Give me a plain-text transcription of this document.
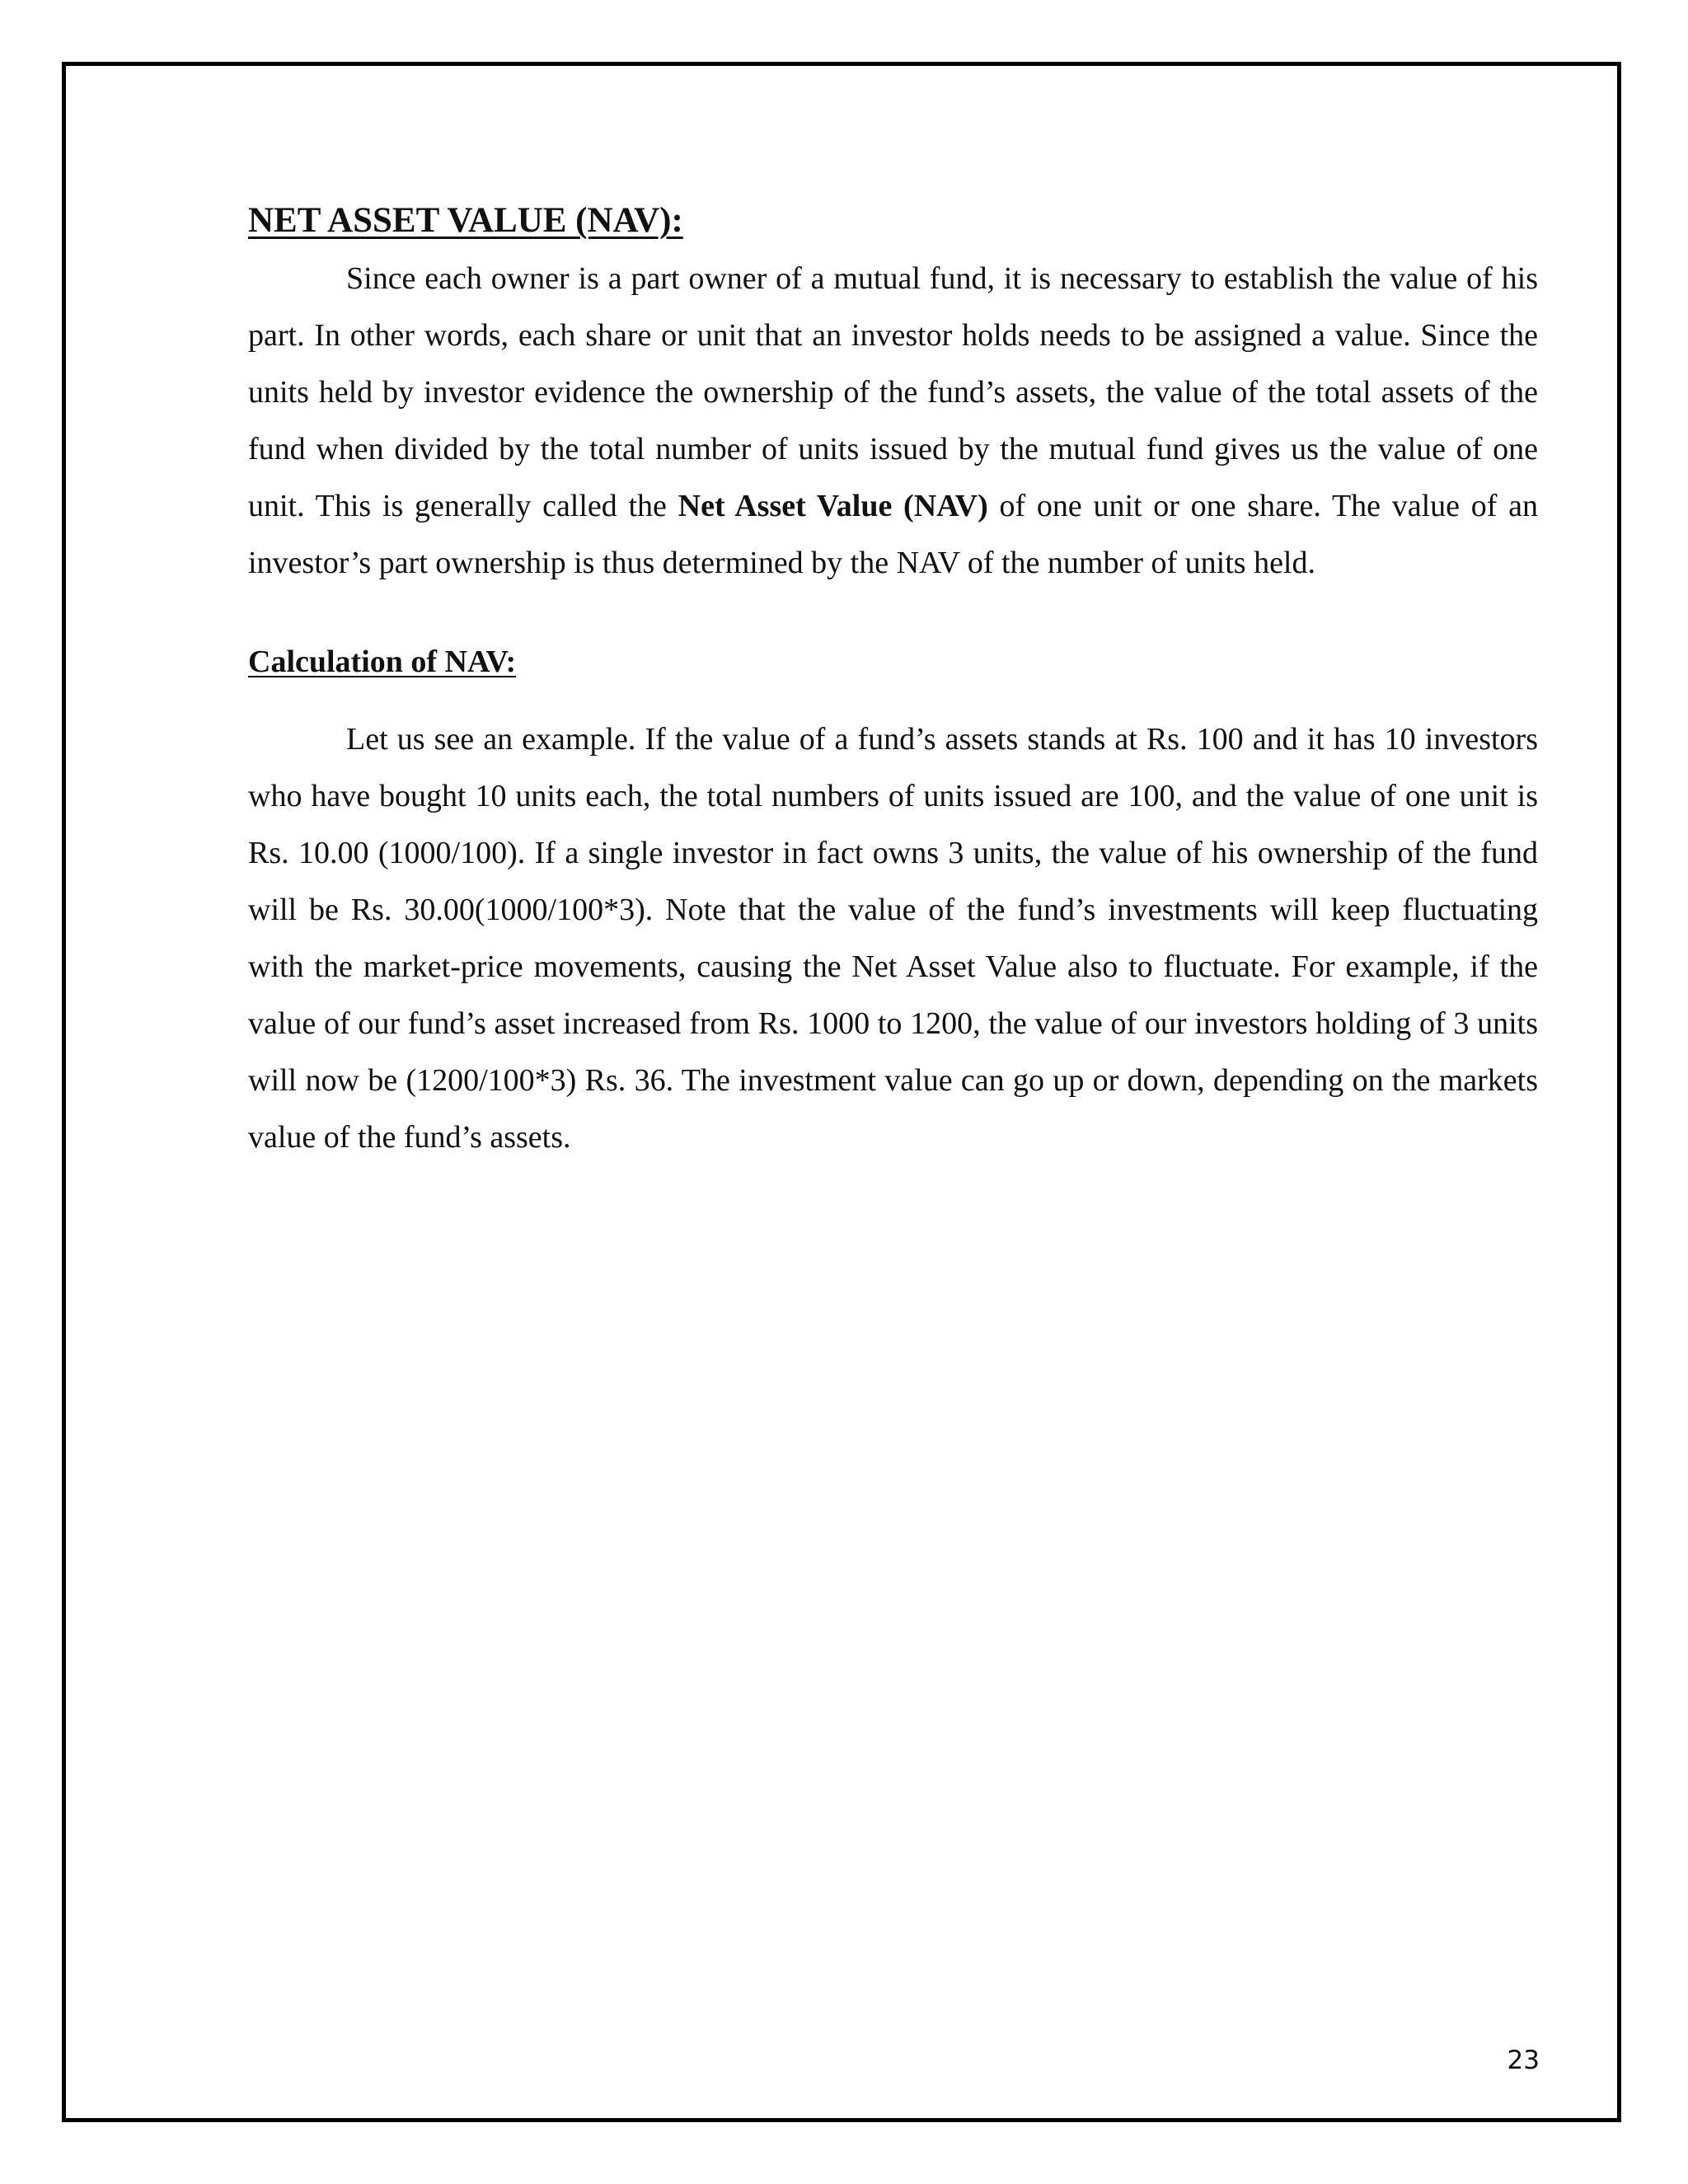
NET ASSET VALUE (NAV):

Since each owner is a part owner of a mutual fund, it is necessary to establish the value of his part. In other words, each share or unit that an investor holds needs to be assigned a value. Since the units held by investor evidence the ownership of the fund’s assets, the value of the total assets of the fund when divided by the total number of units issued by the mutual fund gives us the value of one unit. This is generally called the Net Asset Value (NAV) of one unit or one share. The value of an investor’s part ownership is thus determined by the NAV of the number of units held.

Calculation of NAV:

Let us see an example. If the value of a fund’s assets stands at Rs. 100 and it has 10 investors who have bought 10 units each, the total numbers of units issued are 100, and the value of one unit is Rs. 10.00 (1000/100). If a single investor in fact owns 3 units, the value of his ownership of the fund will be Rs. 30.00(1000/100*3). Note that the value of the fund’s investments will keep fluctuating with the market-price movements, causing the Net Asset Value also to fluctuate. For example, if the value of our fund’s asset increased from Rs. 1000 to 1200, the value of our investors holding of 3 units will now be (1200/100*3) Rs. 36. The investment value can go up or down, depending on the markets value of the fund’s assets.

23
